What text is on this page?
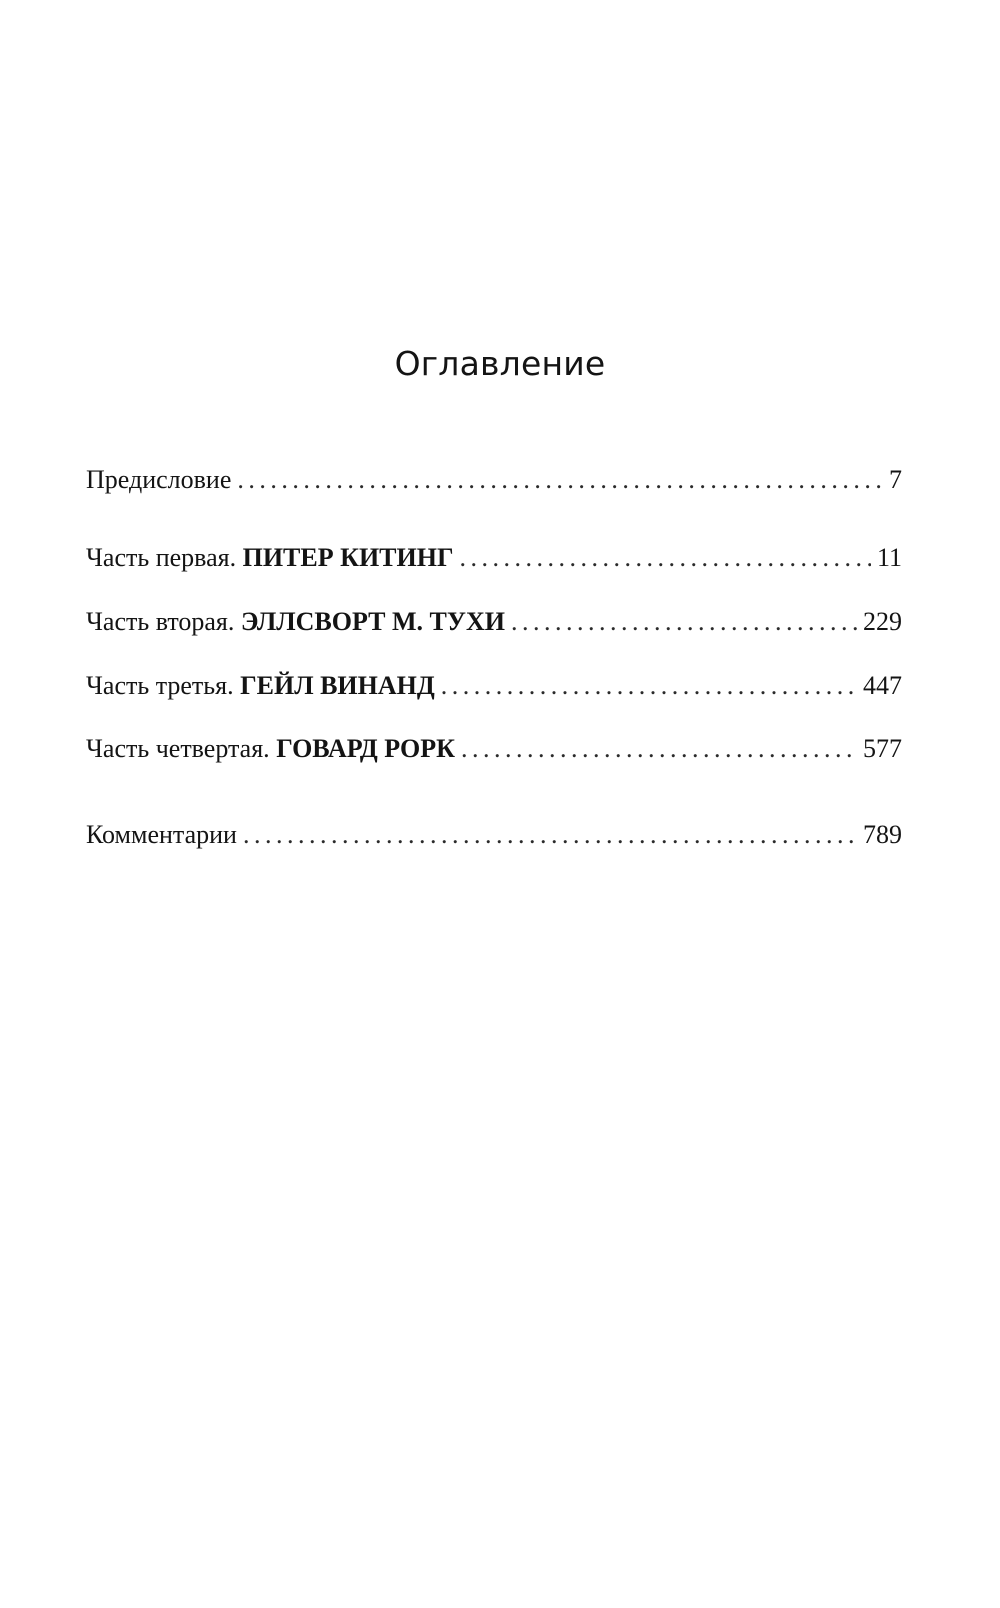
Оглавление
Предисловие . . .	7
Часть первая. ПИТЕР КИТИНГ . . .	11
Часть вторая. ЭЛЛСВОРТ М. ТУХИ . . .	229
Часть третья. ГЕЙЛ ВИНАНД . . .	447
Часть четвертая. ГОВАРД РОРК . . .	577
Комментарии . . .	789
